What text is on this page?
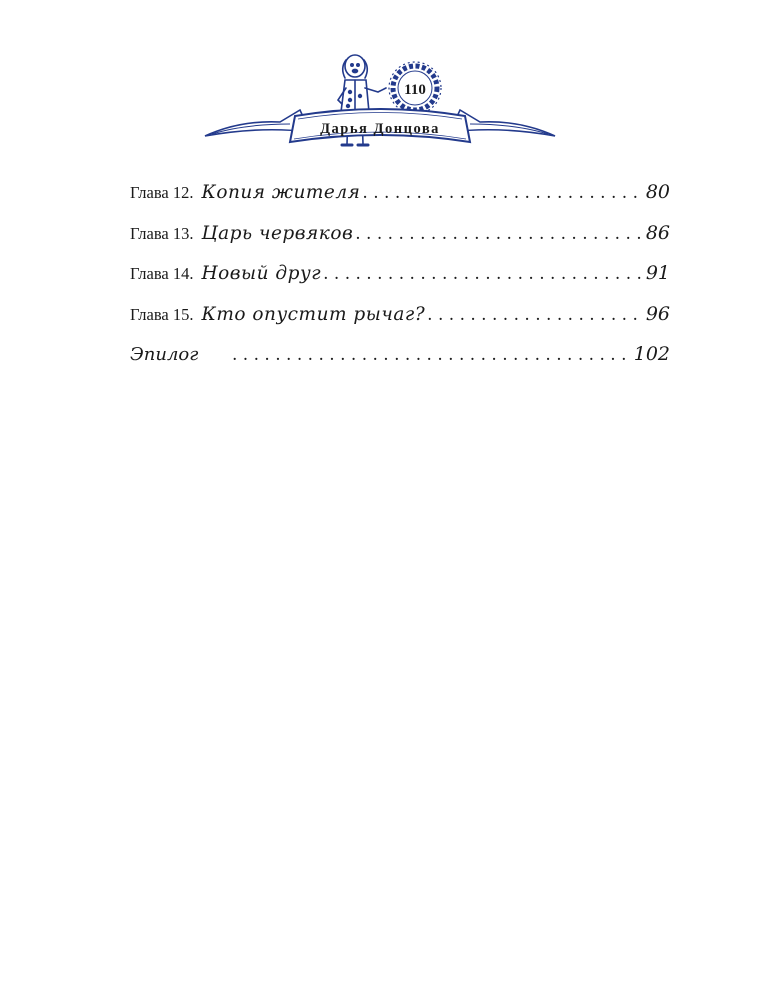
110
Дарья Донцова
Глава 12. Копия жителя . . .	80
Глава 13. Царь червяков . . .	86
Глава 14. Новый друг . . .	91
Глава 15. Кто опустит рычаг? . . .	96
Эпилог . . .	102
